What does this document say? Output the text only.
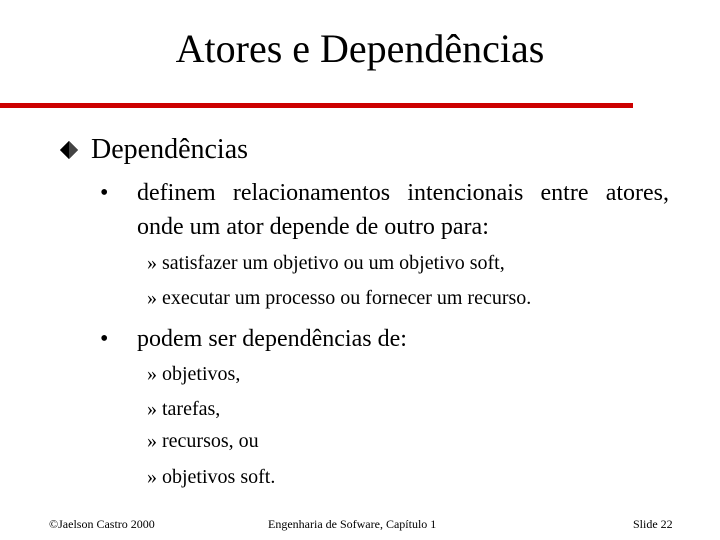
Atores e Dependências
Dependências
• definem relacionamentos intencionais entre atores, onde um ator depende de outro para:
» satisfazer um objetivo ou um objetivo soft,
» executar um processo ou fornecer um recurso.
• podem ser dependências de:
» objetivos,
» tarefas,
» recursos, ou
» objetivos soft.
©Jaelson Castro 2000	Engenharia de Sofware, Capítulo 1	Slide 22
